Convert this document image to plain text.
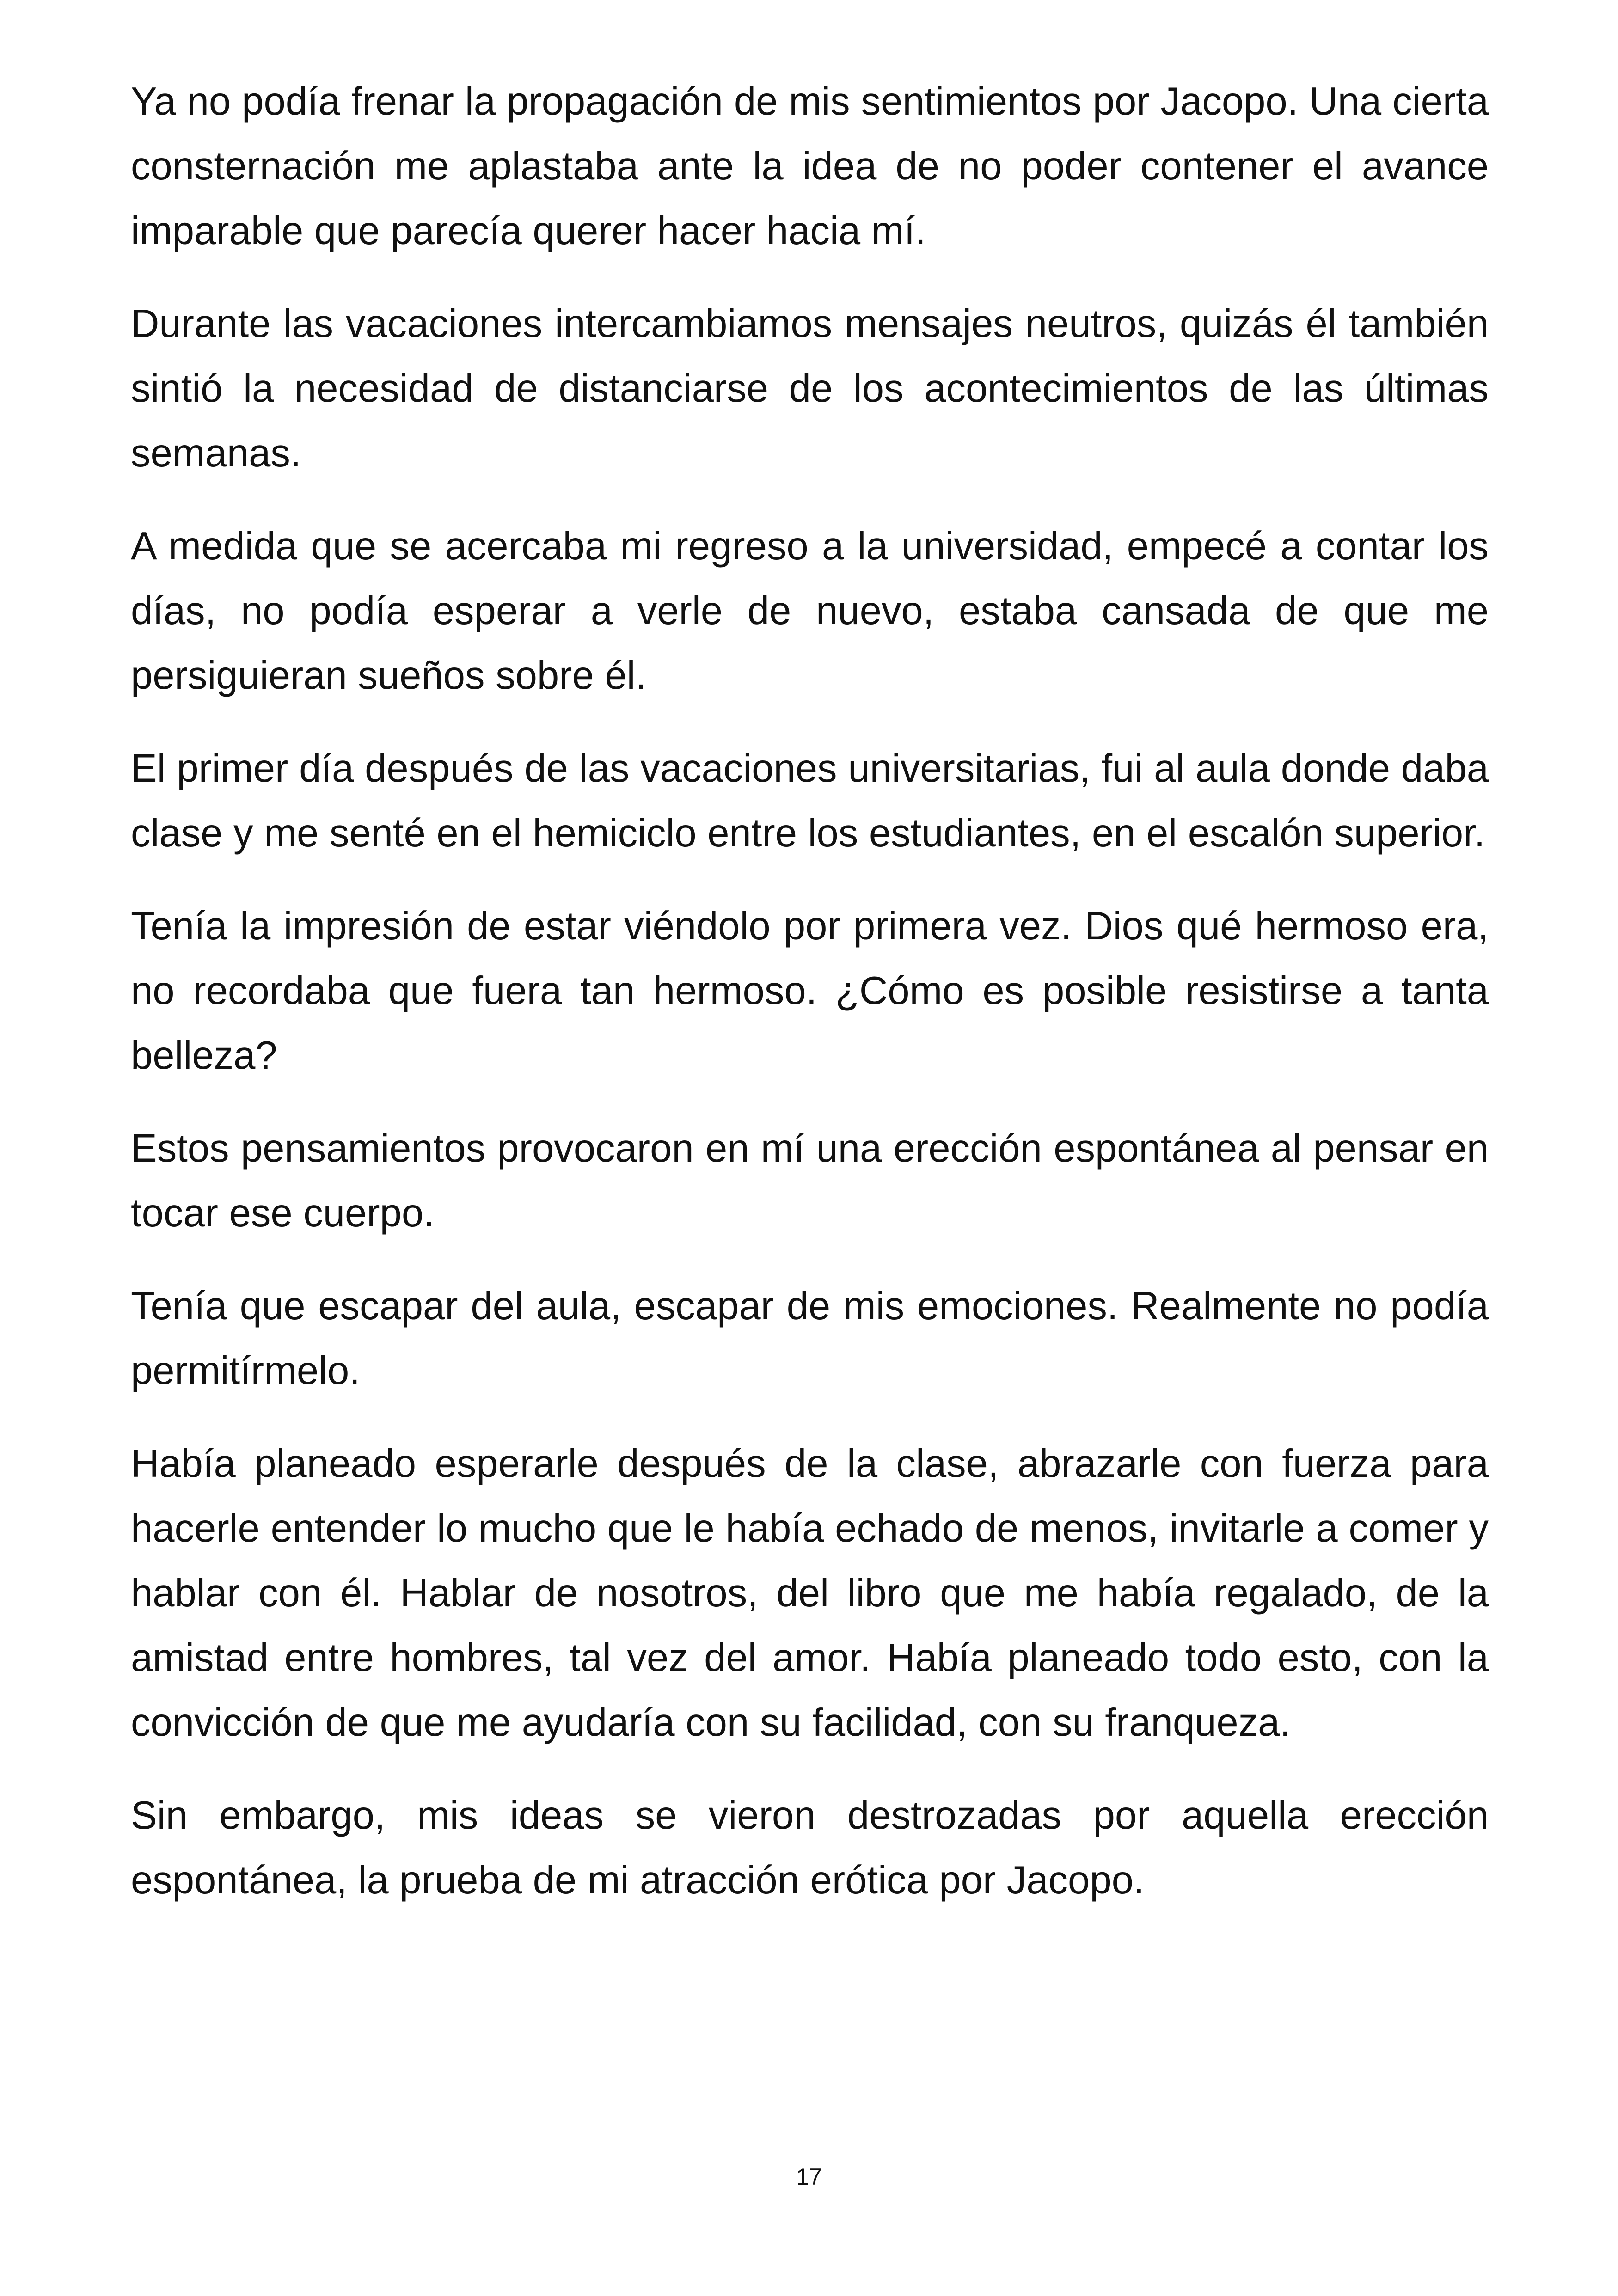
Ya no podía frenar la propagación de mis sentimientos por Jacopo. Una cierta consternación me aplastaba ante la idea de no poder contener el avance imparable que parecía querer hacer hacia mí.

Durante las vacaciones intercambiamos mensajes neutros, quizás él también sintió la necesidad de distanciarse de los acontecimientos de las últimas semanas.

A medida que se acercaba mi regreso a la universidad, empecé a contar los días, no podía esperar a verle de nuevo, estaba cansada de que me persiguieran sueños sobre él.

El primer día después de las vacaciones universitarias, fui al aula donde daba clase y me senté en el hemiciclo entre los estudiantes, en el escalón superior.

Tenía la impresión de estar viéndolo por primera vez. Dios qué hermoso era, no recordaba que fuera tan hermoso. ¿Cómo es posible resistirse a tanta belleza?

Estos pensamientos provocaron en mí una erección espontánea al pensar en tocar ese cuerpo.

Tenía que escapar del aula, escapar de mis emociones. Realmente no podía permitírmelo.

Había planeado esperarle después de la clase, abrazarle con fuerza para hacerle entender lo mucho que le había echado de menos, invitarle a comer y hablar con él. Hablar de nosotros, del libro que me había regalado, de la amistad entre hombres, tal vez del amor. Había planeado todo esto, con la convicción de que me ayudaría con su facilidad, con su franqueza.

Sin embargo, mis ideas se vieron destrozadas por aquella erección espontánea, la prueba de mi atracción erótica por Jacopo.

17
